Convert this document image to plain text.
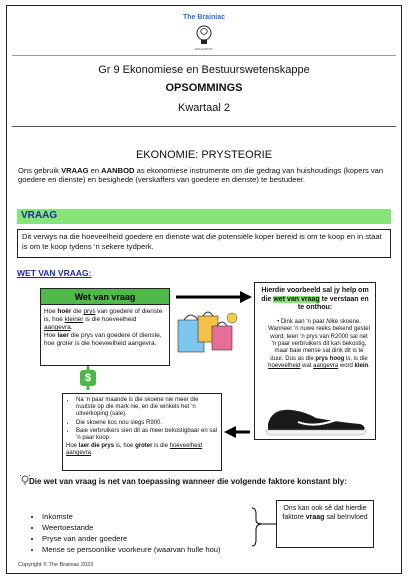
The Brainiac
EDUCATION
Gr 9 Ekonomiese en Bestuurswetenskappe
OPSOMMINGS
Kwartaal 2
EKONOMIE: PRYSTEORIE
Ons gebruik VRAAG en AANBOD as ekonomiese instrumente om die gedrag van huishoudings (kopers van goedere en dienste) en besighede (verskaffers van goedere en dienste) te bestudeer.
VRAAG
Dit verwys na die hoeveelheid goedere en dienste wat die potensiële koper bereid is om te koop en in staat is om te koop tydens ‘n sekere tydperk.
WET VAN VRAAG:
Wet van vraag
Hoe hoër die prys van goedere of dienste is, hoe kleiner is die hoeveelheid aangevra.
Hoe laer die prys van goedere of dienste, hoe groter is die hoeveelheid aangevra.
Hierdie voorbeeld sal jy help om die wet van vraag te verstaan en te onthou:
• Dink aan ‘n paar Nike skoene. Wanneer ‘n nuwe reeks bekend gestel word, teen ‘n prys van R2000 sal net ‘n paar verbruikers dit kan bekostig, maar baie mense sal dink dit is te duur. Dus as die prys hoog is, is die hoeveelheid wat aangevra word klein.
$
• Na ‘n paar maande is die skoene nie meer die nuutste op die mark nie, en die winkels het ‘n uitverkoping (sale).
• Die skoene kos nou slegs R900.
• Baie verbruikers sien dit as meer bekostigbaar en sal ‘n paar koop.
Hoe laer die prys is, hoe groter is die hoeveelheid aangevra.
Die wet van vraag is net van toepassing wanneer die volgende faktore konstant bly:
• Inkomste
• Weertoestande
• Pryse van ander goedere
• Mense se persoonlike voorkeure (waarvan hulle hou)
Ons kan ook sê dat hierdie faktore vraag sal beïnvloed
Copyright © The Brainiac 2023
